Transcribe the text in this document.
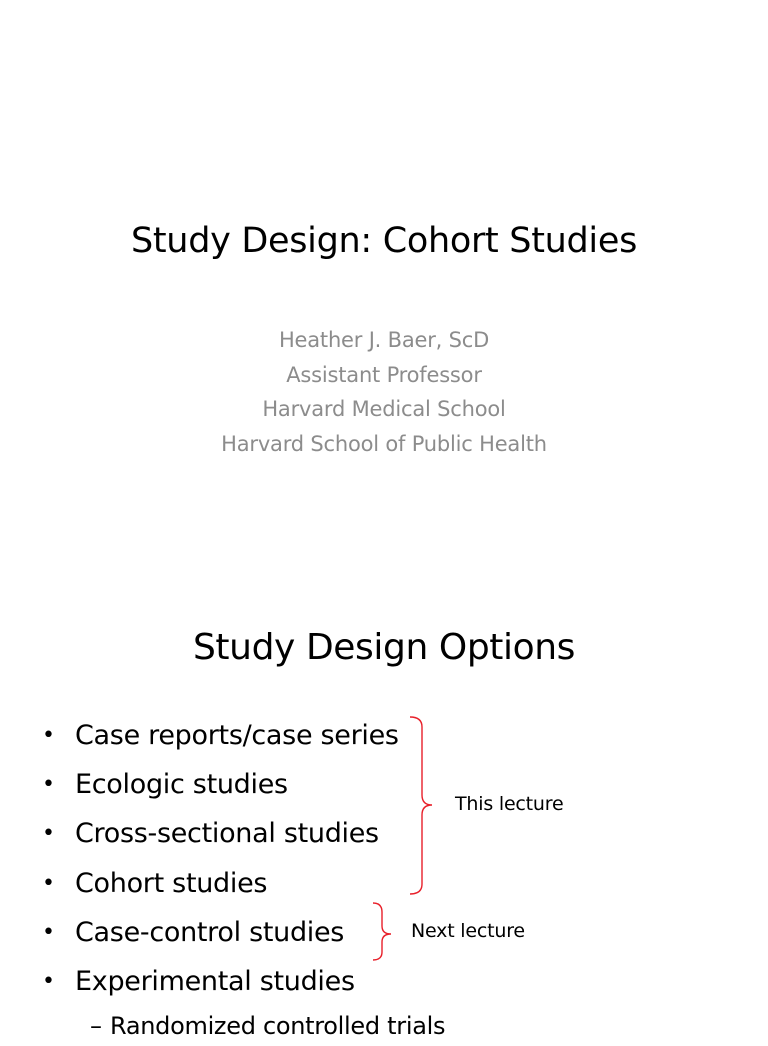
Study Design: Cohort Studies
Heather J. Baer, ScD
Assistant Professor
Harvard Medical School
Harvard School of Public Health
Study Design Options
• Case reports/case series
• Ecologic studies
• Cross-sectional studies
• Cohort studies
• Case-control studies
• Experimental studies
– Randomized controlled trials
This lecture
Next lecture
